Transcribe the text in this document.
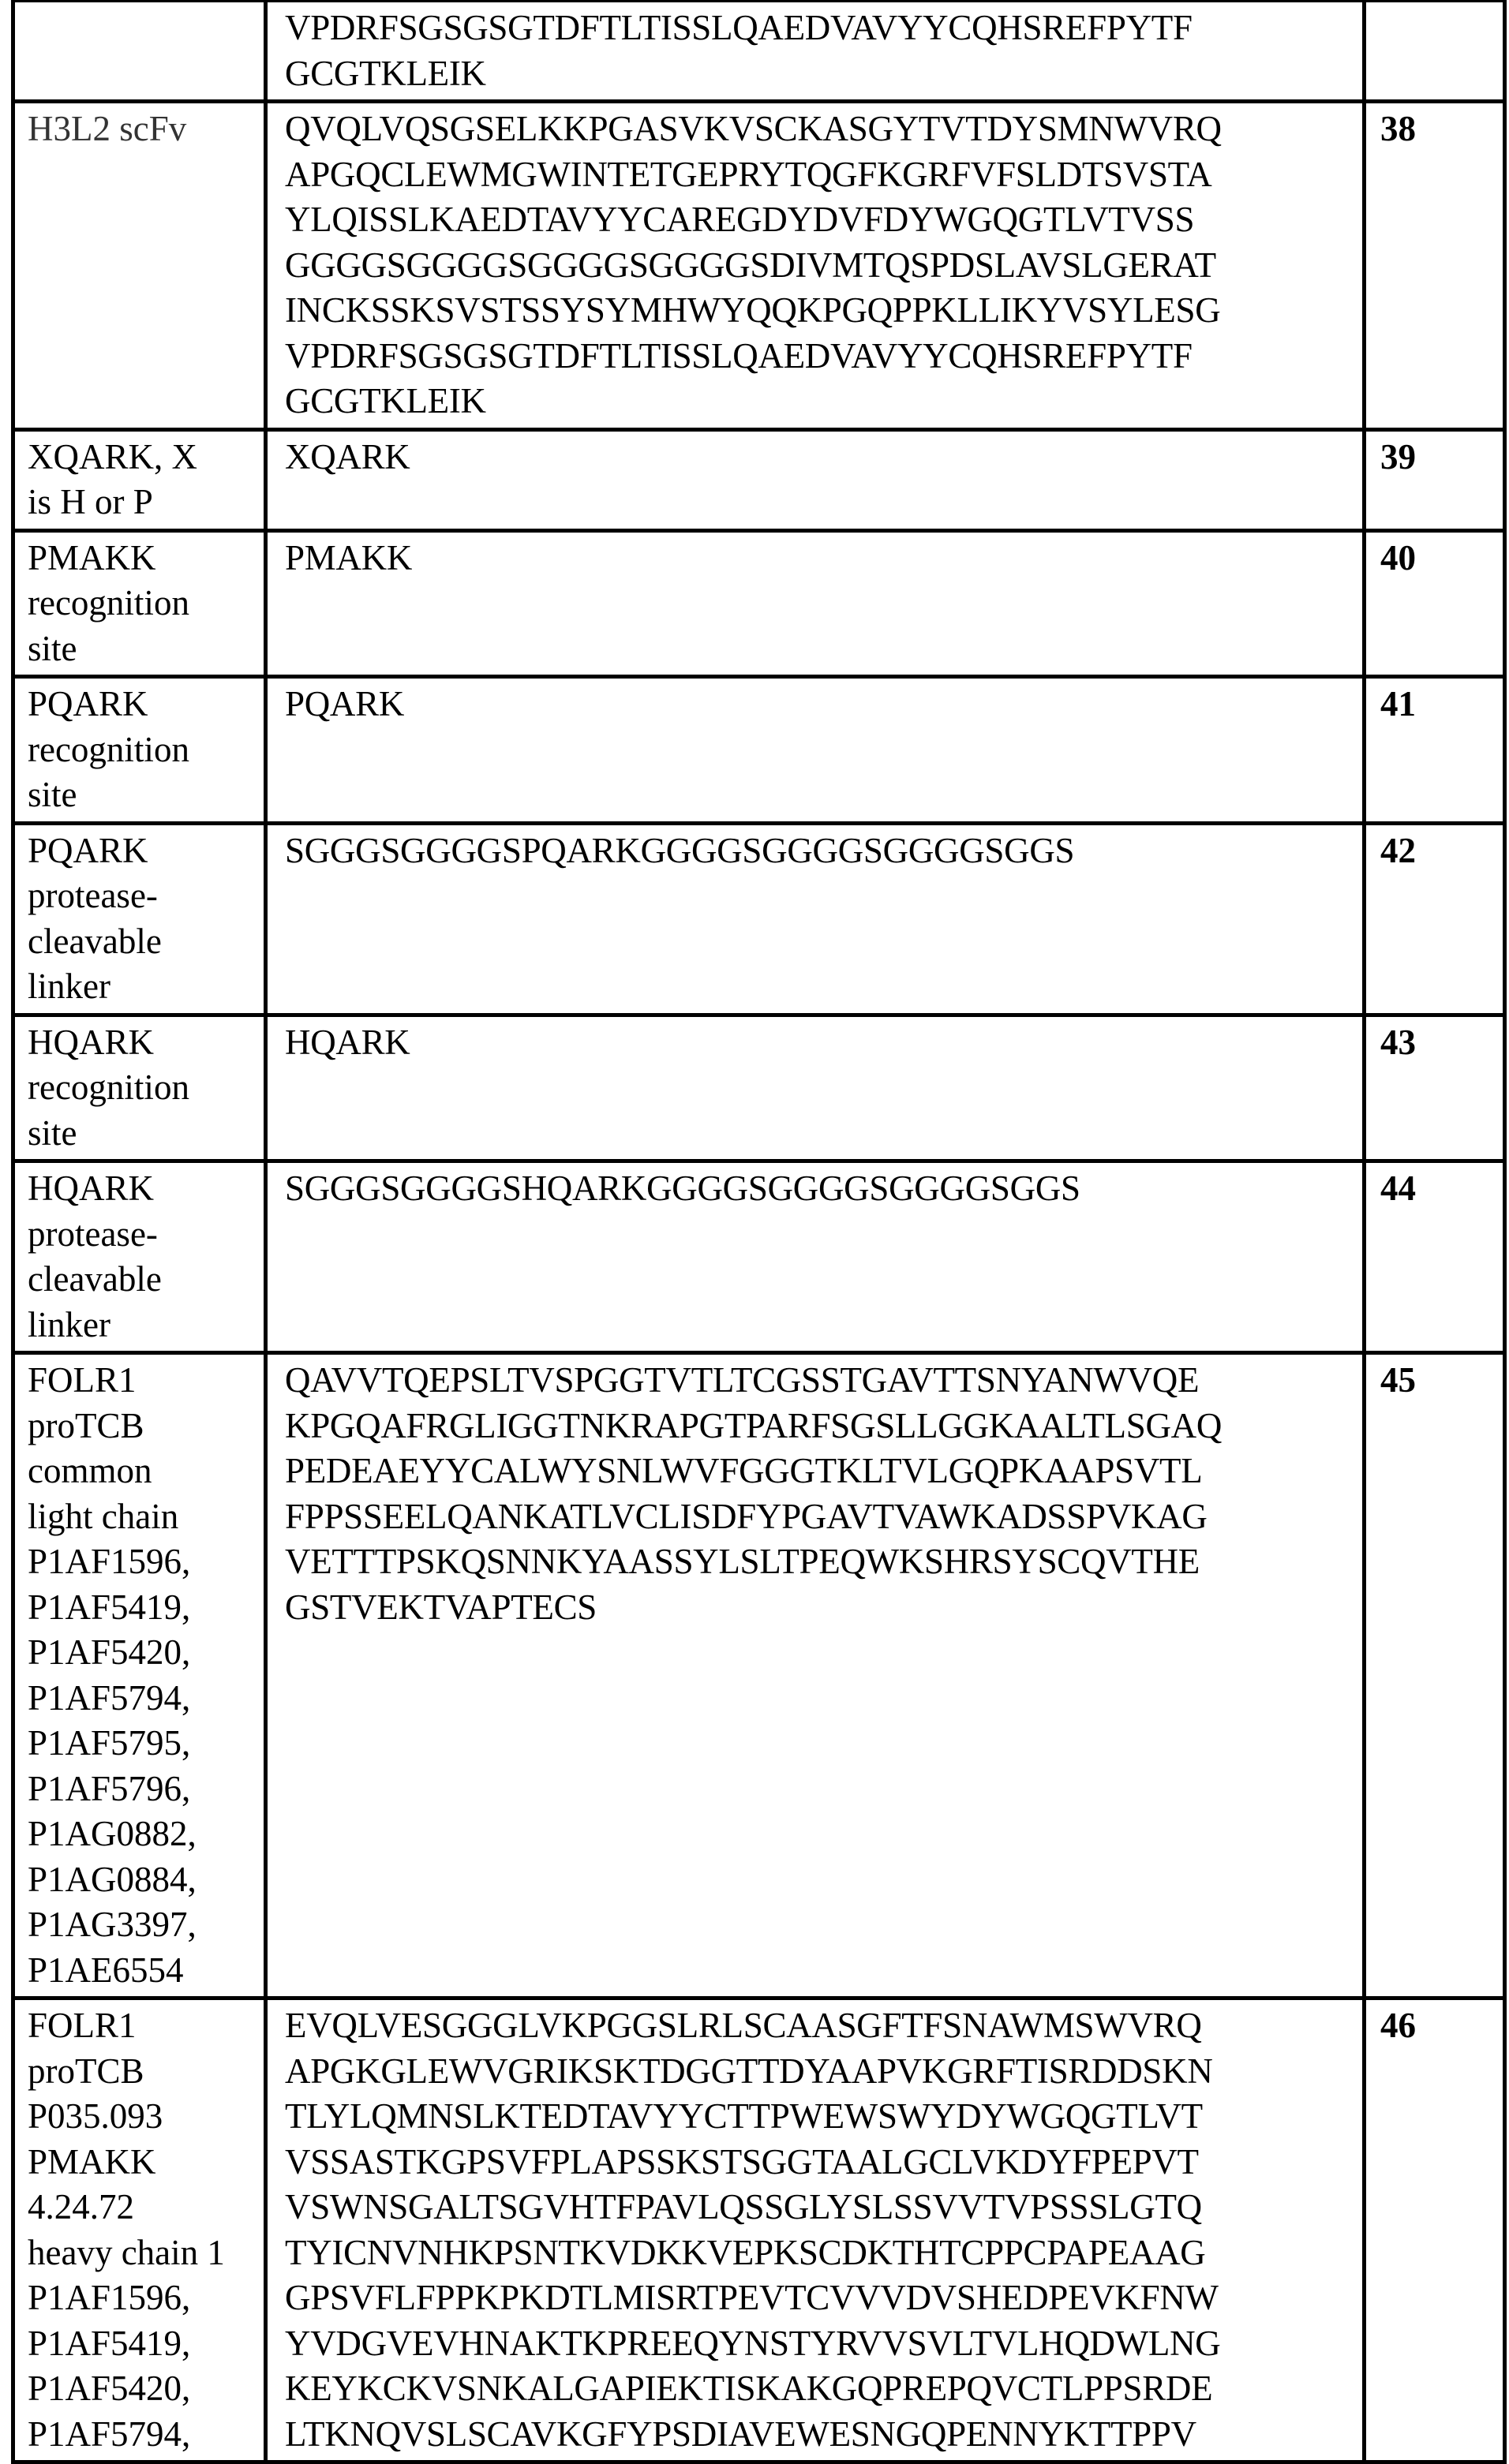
VPDRFSGSGSGTDFTLTISSLQAEDVAVYYCQHSREFPYTF
GCGTKLEIK

H3L2 scFv	QVQLVQSGSELKKPGASVKVSCKASGYTVTDYSMNWVRQ
APGQCLEWMGWINTETGEPRYTQGFKGRFVFSLDTSVSTA
YLQISSLKAEDTAVYYCAREGDYDVFDYWGQGTLVTVSS
GGGGSGGGGSGGGGSGGGGSDIVMTQSPDSLAVSLGERAT
INCKSSKSVSTSSYSYMHWYQQKPGQPPKLLIKYVSYLESG
VPDRFSGSGSGTDFTLTISSLQAEDVAVYYCQHSREFPYTF
GCGTKLEIK
	38
XQARK, X
is H or P	
XQARK	39
PMAKK
recognition
site	
PMAKK	40
PQARK
recognition
site	
PQARK	41
PQARK
protease-
cleavable
linker	
SGGGSGGGGSPQARKGGGGSGGGGSGGGGSGGS	42
HQARK
recognition
site	
HQARK	43
HQARK
protease-
cleavable
linker	
SGGGSGGGGSHQARKGGGGSGGGGSGGGGSGGS	44
FOLR1
proTCB
common
light chain
P1AF1596,
P1AF5419,
P1AF5420,
P1AF5794,
P1AF5795,
P1AF5796,
P1AG0882,
P1AG0884,
P1AG3397,
P1AE6554	
QAVVTQEPSLTVSPGGTVTLTCGSSTGAVTTSNYANWVQE
KPGQAFRGLIGGTNKRAPGTPARFSGSLLGGKAALTLSGAQ
PEDEAEYYCALWYSNLWVFGGGTKLTVLGQPKAAPSVTL
FPPSSEELQANKATLVCLISDFYPGAVTVAWKADSSPVKAG
VETTTPSKQSNNKYAASSYLSLTPEQWKSHRSYSCQVTHE
GSTVEKTVAPTECS
	45
FOLR1
proTCB
P035.093
PMAKK
4.24.72
heavy chain 1
P1AF1596,
P1AF5419,
P1AF5420,
P1AF5794,	
EVQLVESGGGLVKPGGSLRLSCAASGFTFSNAWMSWVRQ
APGKGLEWVGRIKSKTDGGTTDYAAPVKGRFTISRDDSKN
TLYLQMNSLKTEDTAVYYCTTPWEWSWYDYWGQGTLVT
VSSASTKGPSVFPLAPSSKSTSGGTAALGCLVKDYFPEPVT
VSWNSGALTSGVHTFPAVLQSSGLYSLSSVVTVPSSSLGTQ
TYICNVNHKPSNTKVDKKVEPKSCDKTHTCPPCPAPEAAG
GPSVFLFPPKPKDTLMISRTPEVTCVVVDVSHEDPEVKFNW
YVDGVEVHNAKTKPREEQYNSTYRVVSVLTVLHQDWLNG
KEYKCKVSNKALGAPIEKTISKAKGQPREPQVCTLPPSRDE
LTKNQVSLSCAVKGFYPSDIAVEWESNGQPENNYKTTPPV
	46
